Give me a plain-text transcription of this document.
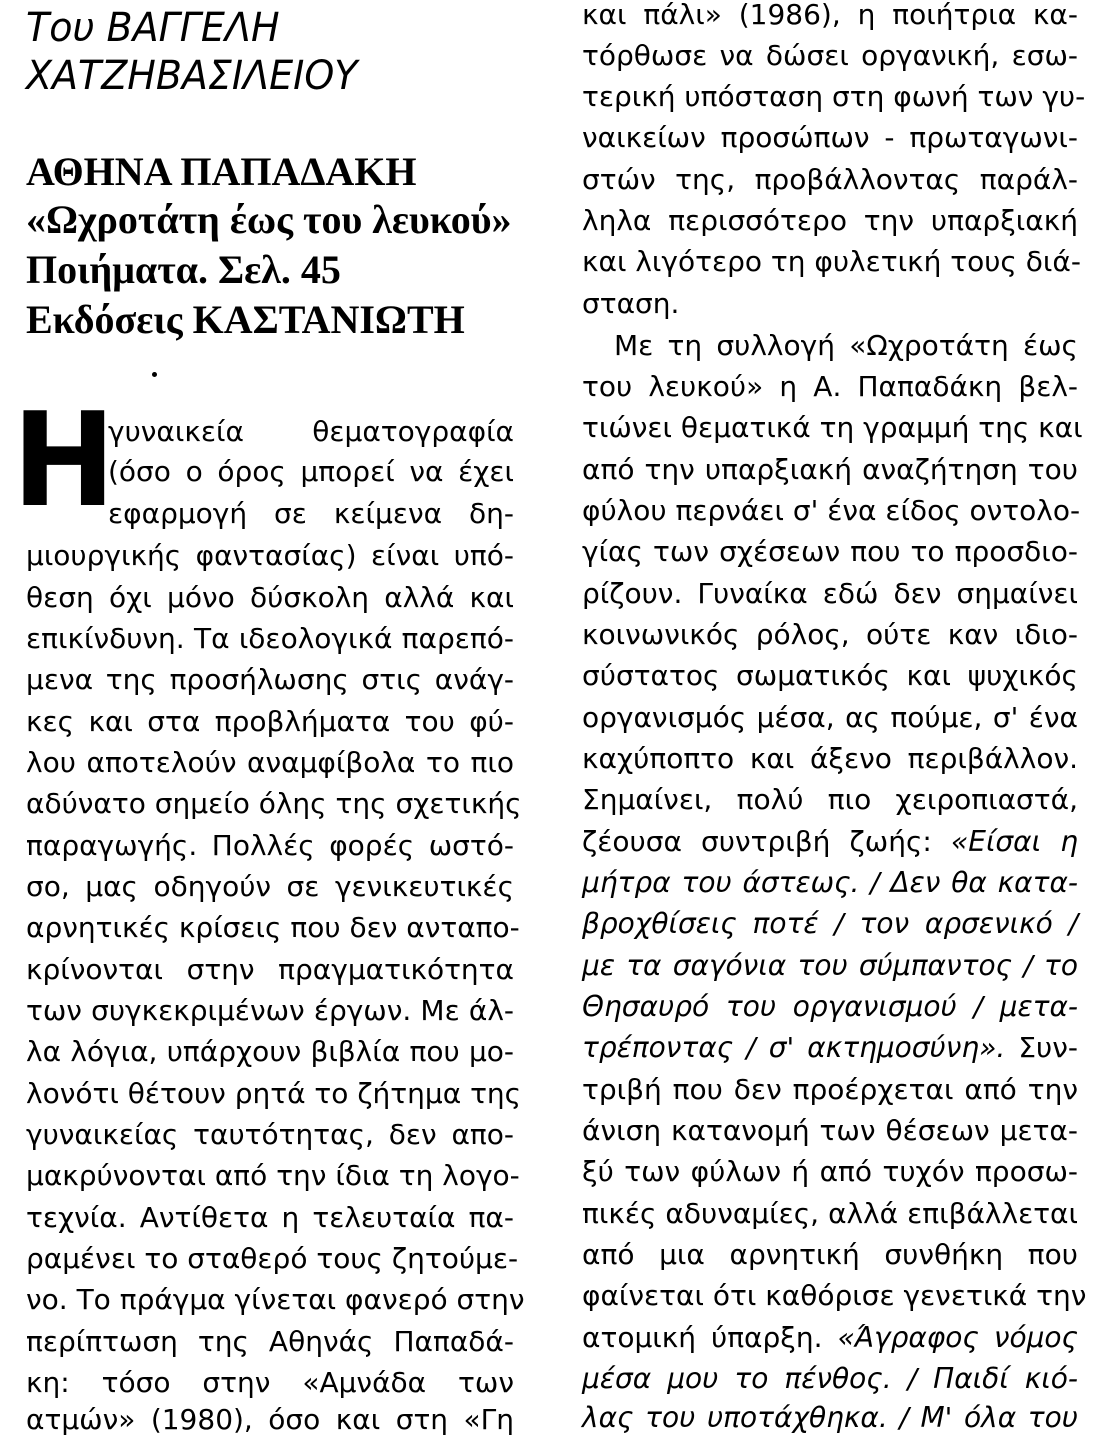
Του ΒΑΓΓΕΛΗ
ΧΑΤΖΗΒΑΣΙΛΕΙΟΥ
ΑΘΗΝΑ ΠΑΠΑΔΑΚΗ
«Ωχροτάτη έως του λευκού»
Ποιήματα. Σελ. 45
Εκδόσεις ΚΑΣΤΑΝΙΩΤΗ
Η
γυναικεία θεματογραφία
(όσο ο όρος μπορεί να έχει
εφαρμογή σε κείμενα δη-
μιουργικής φαντασίας) είναι υπό-
θεση όχι μόνο δύσκολη αλλά και
επικίνδυνη. Τα ιδεολογικά παρεπό-
μενα της προσήλωσης στις ανάγ-
κες και στα προβλήματα του φύ-
λου αποτελούν αναμφίβολα το πιο
αδύνατο σημείο όλης της σχετικής
παραγωγής. Πολλές φορές ωστό-
σο, μας οδηγούν σε γενικευτικές
αρνητικές κρίσεις που δεν ανταπο-
κρίνονται στην πραγματικότητα
των συγκεκριμένων έργων. Με άλ-
λα λόγια, υπάρχουν βιβλία που μο-
λονότι θέτουν ρητά το ζήτημα της
γυναικείας ταυτότητας, δεν απο-
μακρύνονται από την ίδια τη λογο-
τεχνία. Αντίθετα η τελευταία πα-
ραμένει το σταθερό τους ζητούμε-
νο. Το πράγμα γίνεται φανερό στην
περίπτωση της Αθηνάς Παπαδά-
κη: τόσο στην «Αμνάδα των
ατμών» (1980), όσο και στη «Γη
και πάλι» (1986), η ποιήτρια κα-
τόρθωσε να δώσει οργανική, εσω-
τερική υπόσταση στη φωνή των γυ-
ναικείων προσώπων - πρωταγωνι-
στών της, προβάλλοντας παράλ-
ληλα περισσότερο την υπαρξιακή
και λιγότερο τη φυλετική τους διά-
σταση.
Με τη συλλογή «Ωχροτάτη έως
του λευκού» η Α. Παπαδάκη βελ-
τιώνει θεματικά τη γραμμή της και
από την υπαρξιακή αναζήτηση του
φύλου περνάει σ' ένα είδος οντολο-
γίας των σχέσεων που το προσδιο-
ρίζουν. Γυναίκα εδώ δεν σημαίνει
κοινωνικός ρόλος, ούτε καν ιδιο-
σύστατος σωματικός και ψυχικός
οργανισμός μέσα, ας πούμε, σ' ένα
καχύποπτο και άξενο περιβάλλον.
Σημαίνει, πολύ πιο χειροπιαστά,
ζέουσα συντριβή ζωής: «Είσαι η
μήτρα του άστεως. / Δεν θα κατα-
βροχθίσεις ποτέ / τον αρσενικό /
με τα σαγόνια του σύμπαντος / το
Θησαυρό του οργανισμού / μετα-
τρέποντας / σ' ακτημοσύνη». Συν-
τριβή που δεν προέρχεται από την
άνιση κατανομή των θέσεων μετα-
ξύ των φύλων ή από τυχόν προσω-
πικές αδυναμίες, αλλά επιβάλλεται
από μια αρνητική συνθήκη που
φαίνεται ότι καθόρισε γενετικά την
ατομική ύπαρξη. «Άγραφος νόμος
μέσα μου το πένθος. / Παιδί κιό-
λας του υποτάχθηκα. / Μ' όλα του
